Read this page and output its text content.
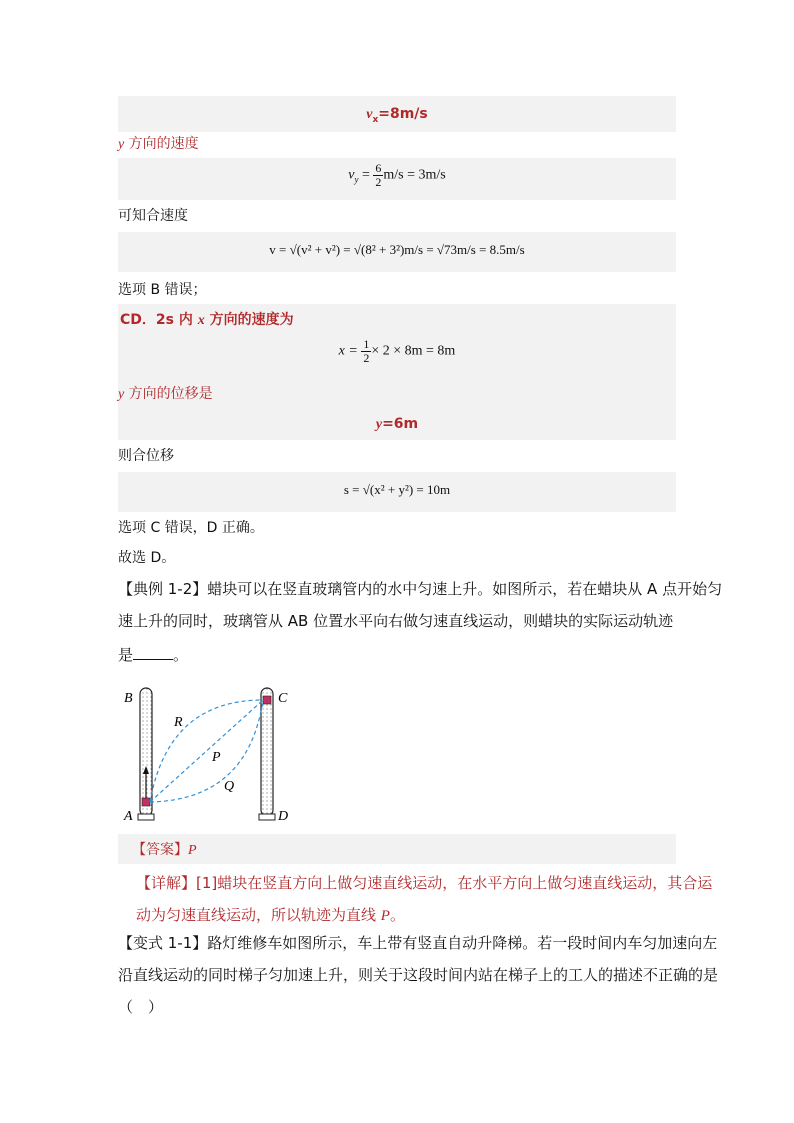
$v_x=8m/s$
y 方向的速度
$v_y = \frac{6}{2} m/s = 3m/s$
可知合速度
v = √(v² + v²) = √(8² + 3²)m/s = √73m/s = 8.5m/s
选项 B 错误；
CD．2s 内 x 方向的速度为
$x = \frac{1}{2} \times 2 \times 8m = 8m$
y=6m
y 方向的位移是
则合位移
s = √(x² + y²) = 10m
选项 C 错误，D 正确。
故选 D。
【典例 1-2】蜡块可以在竖直玻璃管内的水中匀速上升。如图所示，若在蜡块从 A 点开始匀
速上升的同时，玻璃管从 AB 位置水平向右做匀速直线运动，则蜡块的实际运动轨迹
是	。
B
A
C
D
R
P
Q
【答案】P
【详解】[1]蜡块在竖直方向上做匀速直线运动，在水平方向上做匀速直线运动，其合运
动为匀速直线运动，所以轨迹为直线 P。
【变式 1-1】路灯维修车如图所示，车上带有竖直自动升降梯。若一段时间内车匀加速向左
沿直线运动的同时梯子匀加速上升，则关于这段时间内站在梯子上的工人的描述不正确的是
（　）
